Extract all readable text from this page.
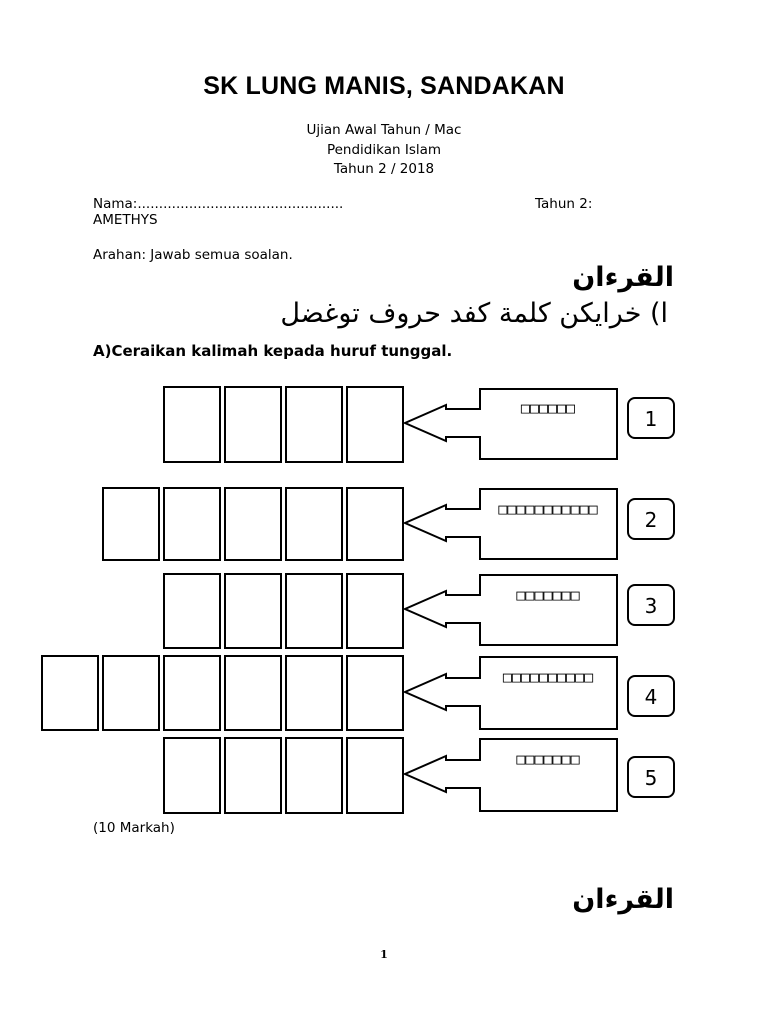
SK LUNG MANIS, SANDAKAN
Ujian Awal Tahun / Mac
Pendidikan Islam
Tahun 2 / 2018
Nama:................................................	Tahun 2:
AMETHYS
Arahan: Jawab semua soalan.
القرءان
ا) خرايكن كلمة كفد حروف توغضل
A)Ceraikan kalimah kepada huruf tunggal.
□□□□□□	1
□□□□□□□□□□□ 2
□□□□□□□	3
□□□□□□□□□□
4
□□□□□□□
5
(10 Markah)
القرءان
1
